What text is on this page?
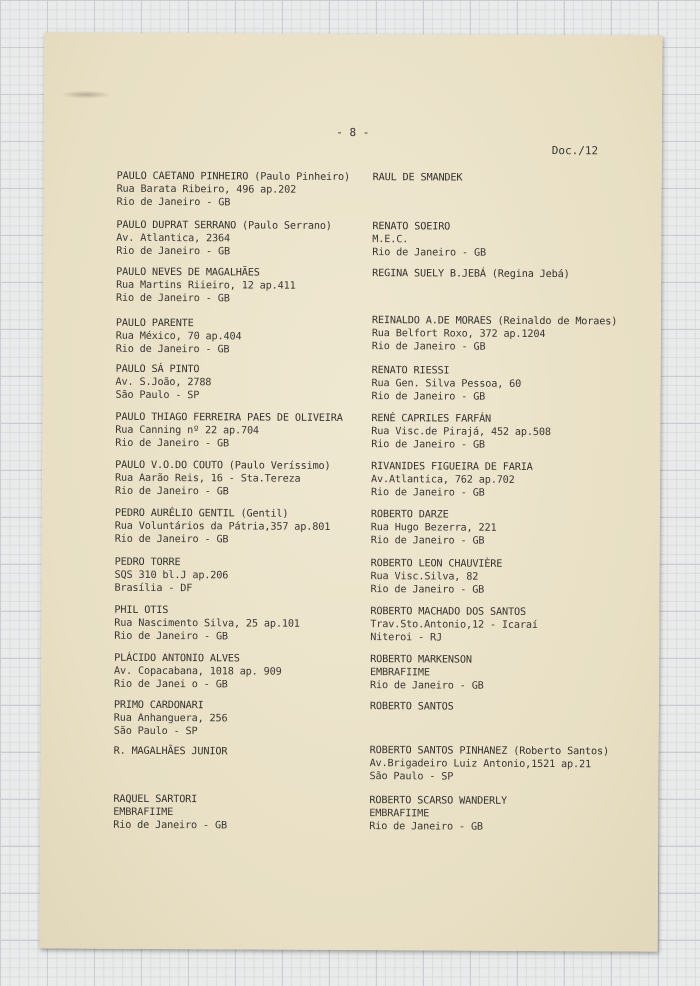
- 8 -
Doc./12
PAULO CAETANO PINHEIRO (Paulo Pinheiro)
Rua Barata Ribeiro, 496 ap.202
Rio de Janeiro - GB
PAULO DUPRAT SERRANO (Paulo Serrano)
Av. Atlantica, 2364
Rio de Janeiro - GB
PAULO NEVES DE MAGALHÃES
Rua Martins Riieiro, 12 ap.411
Rio de Janeiro - GB
PAULO PARENTE
Rua México, 70 ap.404
Rio de Janeiro - GB
PAULO SÁ PINTO
Av. S.João, 2788
São Paulo - SP
PAULO THIAGO FERREIRA PAES DE OLIVEIRA
Rua Canning nº 22 ap.704
Rio de Janeiro - GB
PAULO V.O.DO COUTO (Paulo Veríssimo)
Rua Aarão Reis, 16 - Sta.Tereza
Rio de Janeiro - GB
PEDRO AURÉLIO GENTIL (Gentil)
Rua Voluntários da Pátria,357 ap.801
Rio de Janeiro - GB
PEDRO TORRE
SQS 310 bl.J ap.206
Brasília - DF
PHIL OTIS
Rua Nascimento Silva, 25 ap.101
Rio de Janeiro - GB
PLÁCIDO ANTONIO ALVES
Av. Copacabana, 1018 ap. 909
Rio de Janei o - GB
PRIMO CARDONARI
Rua Anhanguera, 256
São Paulo - SP
R. MAGALHÃES JUNIOR
RAQUEL SARTORI
EMBRAFIIME
Rio de Janeiro - GB
RAUL DE SMANDEK
RENATO SOEIRO
M.E.C.
Rio de Janeiro - GB
REGINA SUELY B.JEBÁ (Regina Jebá)
REINALDO A.DE MORAES (Reinaldo de Moraes)
Rua Belfort Roxo, 372 ap.1204
Rio de Janeiro - GB
RENATO RIESSI
Rua Gen. Silva Pessoa, 60
Rio de Janeiro - GB
RENÉ CAPRILES FARFÁN
Rua Visc.de Pirajá, 452 ap.508
Rio de Janeiro - GB
RIVANIDES FIGUEIRA DE FARIA
Av.Atlantica, 762 ap.702
Rio de Janeiro - GB
ROBERTO DARZE
Rua Hugo Bezerra, 221
Rio de Janeiro - GB
ROBERTO LEON CHAUVIÈRE
Rua Visc.Silva, 82
Rio de Janeiro - GB
ROBERTO MACHADO DOS SANTOS
Trav.Sto.Antonio,12 - Icaraí
Niteroi - RJ
ROBERTO MARKENSON
EMBRAFIIME
Rio de Janeiro - GB
ROBERTO SANTOS
ROBERTO SANTOS PINHANEZ (Roberto Santos)
Av.Brigadeiro Luiz Antonio,1521 ap.21
São Paulo - SP
ROBERTO SCARSO WANDERLY
EMBRAFIIME
Rio de Janeiro - GB
